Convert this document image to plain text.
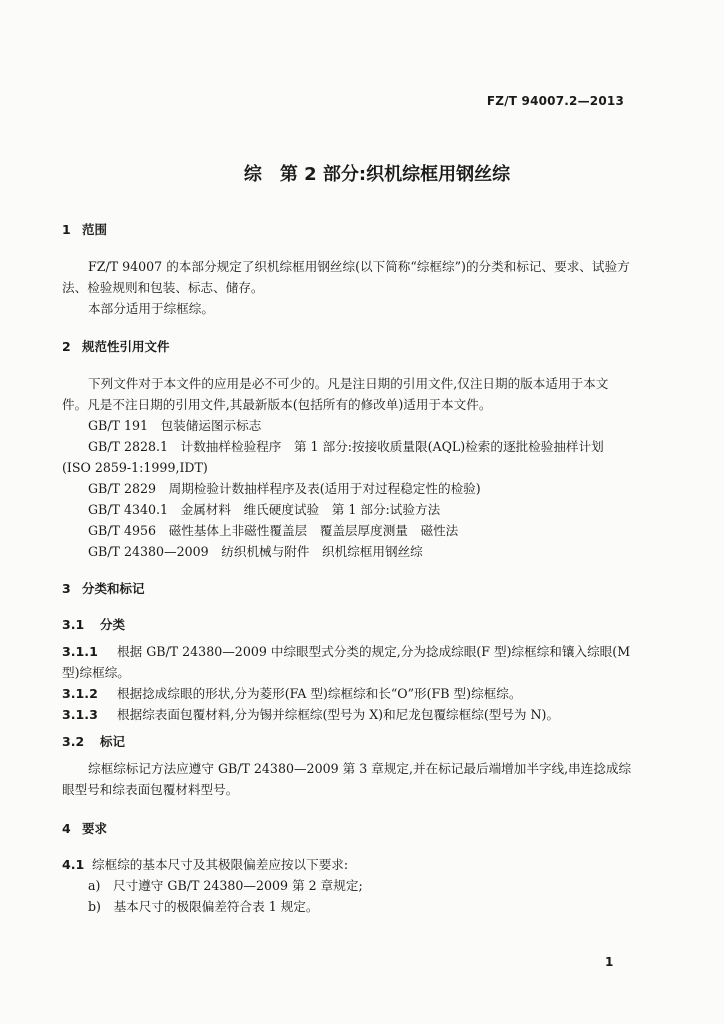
FZ/T 94007.2—2013
综　第 2 部分:织机综框用钢丝综
1 范围
FZ/T 94007 的本部分规定了织机综框用钢丝综(以下简称“综框综”)的分类和标记、要求、试验方
法、检验规则和包装、标志、储存。
本部分适用于综框综。
2 规范性引用文件
下列文件对于本文件的应用是必不可少的。凡是注日期的引用文件,仅注日期的版本适用于本文
件。凡是不注日期的引用文件,其最新版本(包括所有的修改单)适用于本文件。
GB/T 191　包装储运图示标志
GB/T 2828.1　计数抽样检验程序　第 1 部分:按接收质量限(AQL)检索的逐批检验抽样计划
(ISO 2859-1:1999,IDT)
GB/T 2829　周期检验计数抽样程序及表(适用于对过程稳定性的检验)
GB/T 4340.1　金属材料　维氏硬度试验　第 1 部分:试验方法
GB/T 4956　磁性基体上非磁性覆盖层　覆盖层厚度测量　磁性法
GB/T 24380—2009　纺织机械与附件　织机综框用钢丝综
3 分类和标记
3.1 分类
3.1.1 根据 GB/T 24380—2009 中综眼型式分类的规定,分为捻成综眼(F 型)综框综和镶入综眼(M
型)综框综。
3.1.2 根据捻成综眼的形状,分为菱形(FA 型)综框综和长“O”形(FB 型)综框综。
3.1.3 根据综表面包覆材料,分为锡并综框综(型号为 X)和尼龙包覆综框综(型号为 N)。
3.2 标记
综框综标记方法应遵守 GB/T 24380—2009 第 3 章规定,并在标记最后端增加半字线,串连捻成综
眼型号和综表面包覆材料型号。
4 要求
4.1 综框综的基本尺寸及其极限偏差应按以下要求:
a)　尺寸遵守 GB/T 24380—2009 第 2 章规定;
b)　基本尺寸的极限偏差符合表 1 规定。
1
